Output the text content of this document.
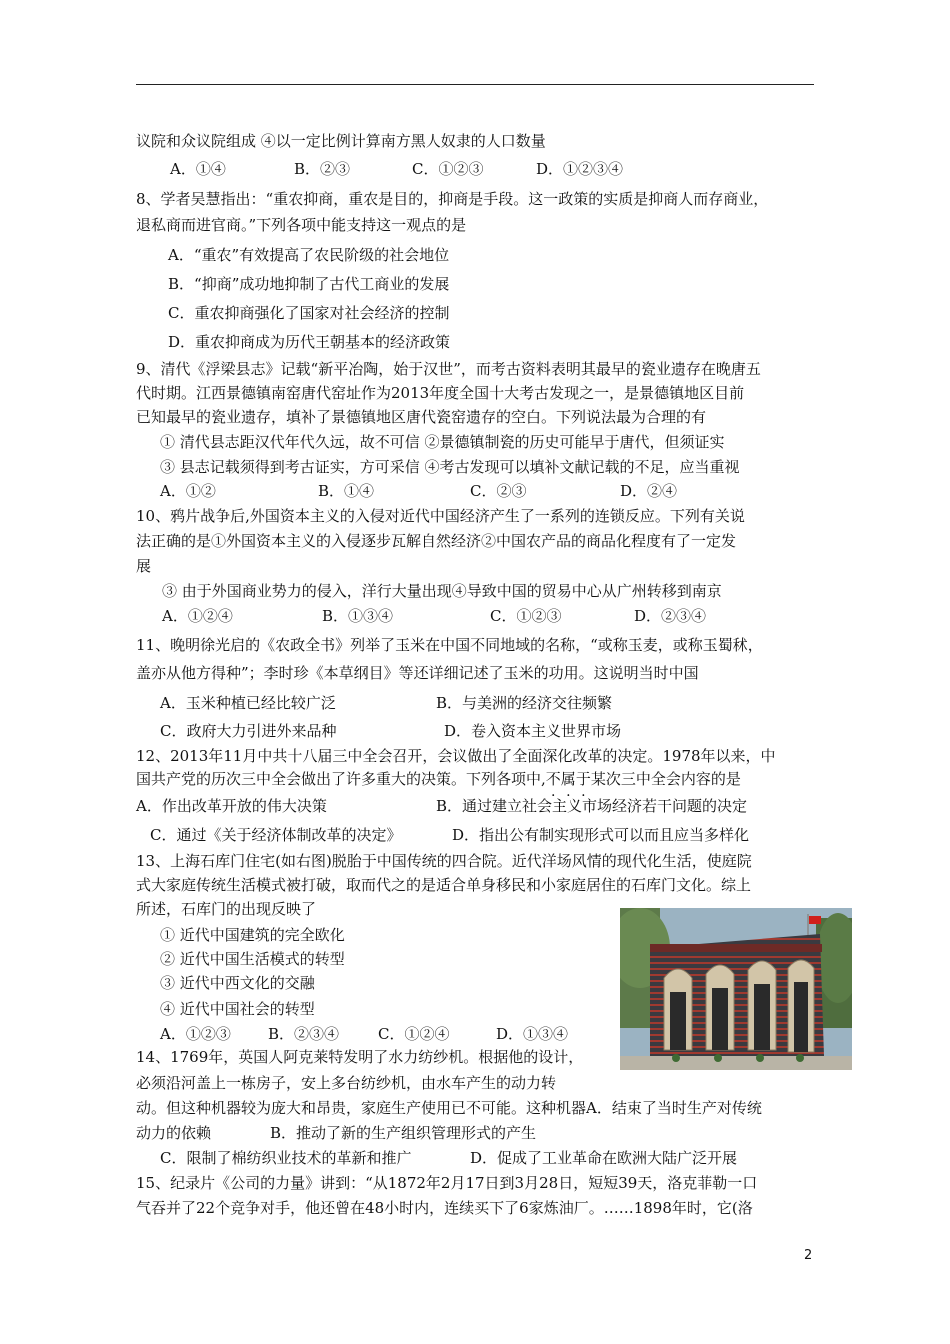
议院和众议院组成 ④以一定比例计算南方黑人奴隶的人口数量
A．①④	B．②③	C．①②③	D．①②③④
8、学者吴慧指出：“重农抑商，重农是目的，抑商是手段。这一政策的实质是抑商人而存商业，
退私商而进官商。”下列各项中能支持这一观点的是
A．“重农”有效提高了农民阶级的社会地位
B．“抑商”成功地抑制了古代工商业的发展
C．重农抑商强化了国家对社会经济的控制
D．重农抑商成为历代王朝基本的经济政策
9、清代《浮梁县志》记载“新平冶陶，始于汉世”，而考古资料表明其最早的瓷业遗存在晚唐五
代时期。江西景德镇南窑唐代窑址作为2013年度全国十大考古发现之一，是景德镇地区目前
已知最早的瓷业遗存，填补了景德镇地区唐代瓷窑遗存的空白。下列说法最为合理的有
① 清代县志距汉代年代久远，故不可信 ②景德镇制瓷的历史可能早于唐代，但须证实
③ 县志记载须得到考古证实，方可采信 ④考古发现可以填补文献记载的不足，应当重视
A．①②	B．①④	C．②③	D．②④
10、鸦片战争后,外国资本主义的入侵对近代中国经济产生了一系列的连锁反应。下列有关说
法正确的是①外国资本主义的入侵逐步瓦解自然经济②中国农产品的商品化程度有了一定发
展
③ 由于外国商业势力的侵入，洋行大量出现④导致中国的贸易中心从广州转移到南京
A．①②④	B．①③④	C．①②③	D．②③④
11、晚明徐光启的《农政全书》列举了玉米在中国不同地域的名称，“或称玉麦，或称玉蜀秫，
盖亦从他方得种”；李时珍《本草纲目》等还详细记述了玉米的功用。这说明当时中国
A．玉米种植已经比较广泛	B．与美洲的经济交往频繁
C．政府大力引进外来品种	D．卷入资本主义世界市场
12、2013年11月中共十八届三中全会召开，会议做出了全面深化改革的决定。1978年以来，中
国共产党的历次三中全会做出了许多重大的决策。下列各项中,不属于某次三中全会内容的是
A．作出改革开放的伟大决策	B．通过建立社会主义市场经济若干问题的决定
C．通过《关于经济体制改革的决定》	D．指出公有制实现形式可以而且应当多样化
13、上海石库门住宅(如右图)脱胎于中国传统的四合院。近代洋场风情的现代化生活，使庭院
式大家庭传统生活模式被打破，取而代之的是适合单身移民和小家庭居住的石库门文化。综上
所述，石库门的出现反映了
① 近代中国建筑的完全欧化
② 近代中国生活模式的转型
③ 近代中西文化的交融
④ 近代中国社会的转型
A．①②③ B．②③④	C．①②④	D．①③④
14、1769年，英国人阿克莱特发明了水力纺纱机。根据他的设计，
必须沿河盖上一栋房子，安上多台纺纱机，由水车产生的动力转
动。但这种机器较为庞大和昂贵，家庭生产使用已不可能。这种机器A．结束了当时生产对传统
动力的依赖	B．推动了新的生产组织管理形式的产生
C．限制了棉纺织业技术的革新和推广	D．促成了工业革命在欧洲大陆广泛开展
15、纪录片《公司的力量》讲到：“从1872年2月17日到3月28日，短短39天，洛克菲勒一口
气吞并了22个竞争对手，他还曾在48小时内，连续买下了6家炼油厂。……1898年时，它(洛
2
